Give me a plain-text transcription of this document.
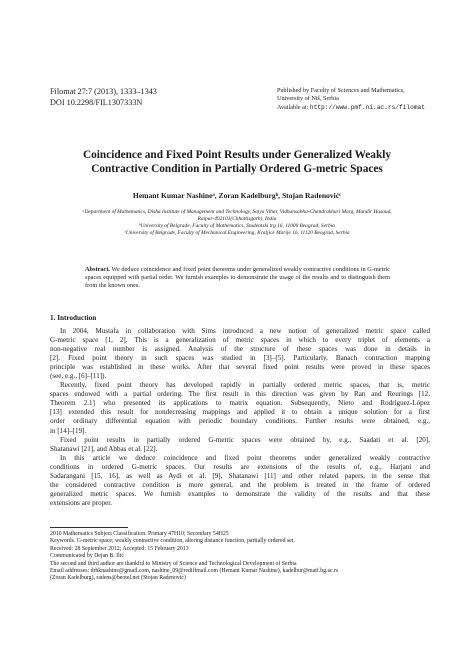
Filomat 27:7 (2013), 1333–1343
DOI 10.2298/FIL1307333N
Published by Faculty of Sciences and Mathematics,
University of Niš, Serbia
Available at: http://www.pmf.ni.ac.rs/filomat
Coincidence and Fixed Point Results under Generalized Weakly
Contractive Condition in Partially Ordered G-metric Spaces
Hemant Kumar Nashineᵃ, Zoran Kadelburgᵇ, Stojan Radenovićᶜ
ᵃDepartment of Mathematics, Disha Institute of Management and Technology, Satya Vihar, Vidhansabha-Chandrakhuri Marg, Mandir Hasaud,
Raipur-492101(Chhattisgarh), India
ᵇUniversity of Belgrade, Faculty of Mathematics, Studentski trg 16, 11000 Beograd, Serbia
ᶜUniversity of Belgrade, Faculty of Mechanical Engineering, Kraljice Marije 16, 11120 Beograd, Serbia
Abstract. We deduce coincidence and fixed point theorems under generalized weakly contractive conditions in G-metric spaces equipped with partial order. We furnish examples to demonstrate the usage of the results and to distinguish them from the known ones.
1. Introduction
In 2004, Mustafa in collaboration with Sims introduced a new notion of generalized metric space called
G-metric space [1, 2]. This is a generalization of metric spaces in which to every triplet of elements a
non-negative real number is assigned. Analysis of the structure of these spaces was done in details in
[2]. Fixed point theory in such spaces was studied in [3]–[5]. Particularly, Banach contraction mapping
principle was established in these works. After that several fixed point results were proved in these spaces
(see, e.g., [6]–[11]).
Recently, fixed point theory has developed rapidly in partially ordered metric spaces, that is, metric
spaces endowed with a partial ordering. The first result in this direction was given by Ran and Reurings [12,
Theorem 2.1] who presented its applications to matrix equation. Subsequently, Nieto and Rodríguez-López
[13] extended this result for nondecreasing mappings and applied it to obtain a unique solution for a first
order ordinary differential equation with periodic boundary conditions. Further results were obtained, e.g.,
in [14]–[19].
Fixed point results in partially ordered G-metric spaces were obtained by, e.g., Saadati et al. [20],
Shatanawi [21], and Abbas et al. [22].
In this article we deduce coincidence and fixed point theorems under generalized weakly contractive
conditions in ordered G-metric spaces. Our results are extensions of the results of, e.g., Harjani and
Sadarangani [15, 16], as well as Aydi et al. [9], Shatanawi [11] and other related papers, in the sense that
the considered contractive condition is more general, and the problem is treated in the frame of ordered
generalized metric spaces. We furnish examples to demonstrate the validity of the results and that these
extensions are proper.
2010 Mathematics Subject Classification. Primary 47H10; Secondary 54H25
Keywords. G-metric space; weakly contractive condition, altering distance function, partially ordered set.
Received: 28 September 2012; Accepted: 15 February 2013
Communicated by Dejan B. Ilić
The second and third author are thankful to Ministry of Science and Technological Development of Serbia
Email addresses: drhknashine@gmail.com, nashine_09@rediffmail.com (Hemant Kumar Nashine), kadelbur@matf.bg.ac.rs
(Zoran Kadelburg), radens@beotel.net (Stojan Radenović)
